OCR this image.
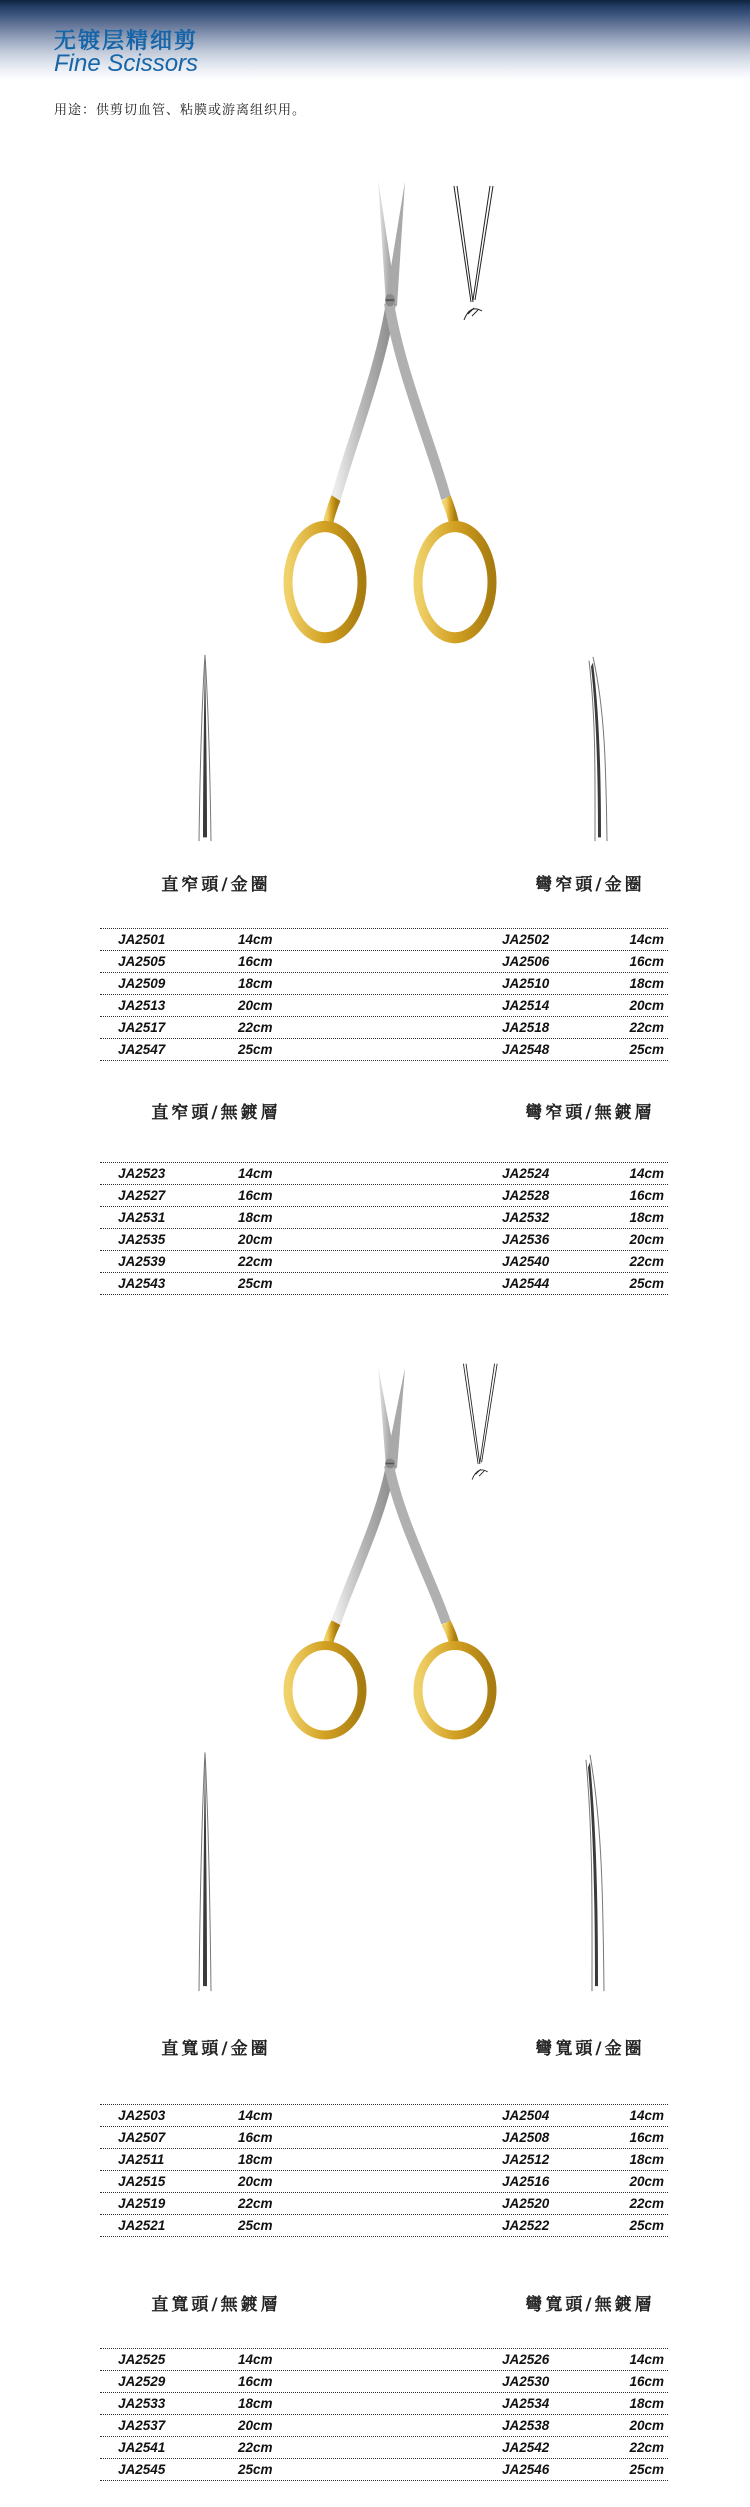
无镀层精细剪
Fine Scissors
用途：供剪切血管、粘膜或游离组织用。
直窄頭/金圈	彎窄頭/金圈
JA2501	14cm	JA2502	14cm
JA2505	16cm	JA2506	16cm
JA2509	18cm	JA2510	18cm
JA2513	20cm	JA2514	20cm
JA2517	22cm	JA2518	22cm
JA2547	25cm	JA2548	25cm
直窄頭/無鍍層	彎窄頭/無鍍層
JA2523	14cm	JA2524	14cm
JA2527	16cm	JA2528	16cm
JA2531	18cm	JA2532	18cm
JA2535	20cm	JA2536	20cm
JA2539	22cm	JA2540	22cm
JA2543	25cm	JA2544	25cm
直寬頭/金圈	彎寬頭/金圈
JA2503	14cm	JA2504	14cm
JA2507	16cm	JA2508	16cm
JA2511	18cm	JA2512	18cm
JA2515	20cm	JA2516	20cm
JA2519	22cm	JA2520	22cm
JA2521	25cm	JA2522	25cm
直寬頭/無鍍層	彎寬頭/無鍍層
JA2525	14cm	JA2526	14cm
JA2529	16cm	JA2530	16cm
JA2533	18cm	JA2534	18cm
JA2537	20cm	JA2538	20cm
JA2541	22cm	JA2542	22cm
JA2545	25cm	JA2546	25cm
